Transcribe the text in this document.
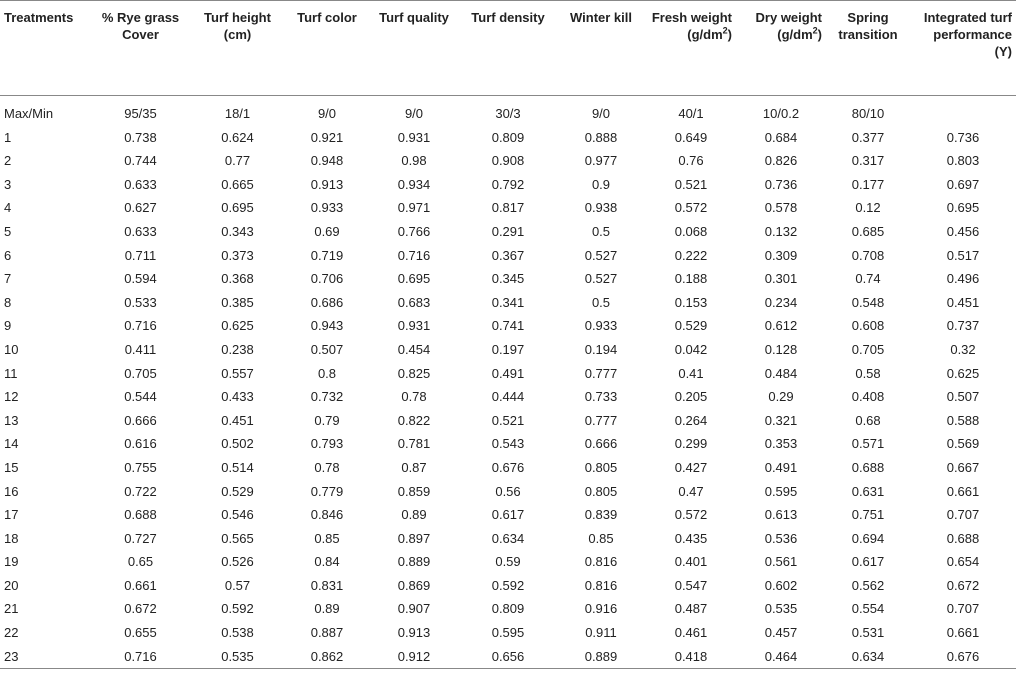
Treatments	% Rye grass Cover	Turf height (cm)	Turf color	Turf quality	Turf density	Winter kill	Fresh weight $(g/dm^2)$	Dry weight $(g/dm^2)$	Spring transition	Integrated turf performance (Y)
Max/Min	95/35	18/1	9/0	9/0	30/3	9/0	40/1	10/0.2	80/10	
1	0.738	0.624	0.921	0.931	0.809	0.888	0.649	0.684	0.377	0.736
2	0.744	0.77	0.948	0.98	0.908	0.977	0.76	0.826	0.317	0.803
3	0.633	0.665	0.913	0.934	0.792	0.9	0.521	0.736	0.177	0.697
4	0.627	0.695	0.933	0.971	0.817	0.938	0.572	0.578	0.12	0.695
5	0.633	0.343	0.69	0.766	0.291	0.5	0.068	0.132	0.685	0.456
6	0.711	0.373	0.719	0.716	0.367	0.527	0.222	0.309	0.708	0.517
7	0.594	0.368	0.706	0.695	0.345	0.527	0.188	0.301	0.74	0.496
8	0.533	0.385	0.686	0.683	0.341	0.5	0.153	0.234	0.548	0.451
9	0.716	0.625	0.943	0.931	0.741	0.933	0.529	0.612	0.608	0.737
10	0.411	0.238	0.507	0.454	0.197	0.194	0.042	0.128	0.705	0.32
11	0.705	0.557	0.8	0.825	0.491	0.777	0.41	0.484	0.58	0.625
12	0.544	0.433	0.732	0.78	0.444	0.733	0.205	0.29	0.408	0.507
13	0.666	0.451	0.79	0.822	0.521	0.777	0.264	0.321	0.68	0.588
14	0.616	0.502	0.793	0.781	0.543	0.666	0.299	0.353	0.571	0.569
15	0.755	0.514	0.78	0.87	0.676	0.805	0.427	0.491	0.688	0.667
16	0.722	0.529	0.779	0.859	0.56	0.805	0.47	0.595	0.631	0.661
17	0.688	0.546	0.846	0.89	0.617	0.839	0.572	0.613	0.751	0.707
18	0.727	0.565	0.85	0.897	0.634	0.85	0.435	0.536	0.694	0.688
19	0.65	0.526	0.84	0.889	0.59	0.816	0.401	0.561	0.617	0.654
20	0.661	0.57	0.831	0.869	0.592	0.816	0.547	0.602	0.562	0.672
21	0.672	0.592	0.89	0.907	0.809	0.916	0.487	0.535	0.554	0.707
22	0.655	0.538	0.887	0.913	0.595	0.911	0.461	0.457	0.531	0.661
23	0.716	0.535	0.862	0.912	0.656	0.889	0.418	0.464	0.634	0.676
